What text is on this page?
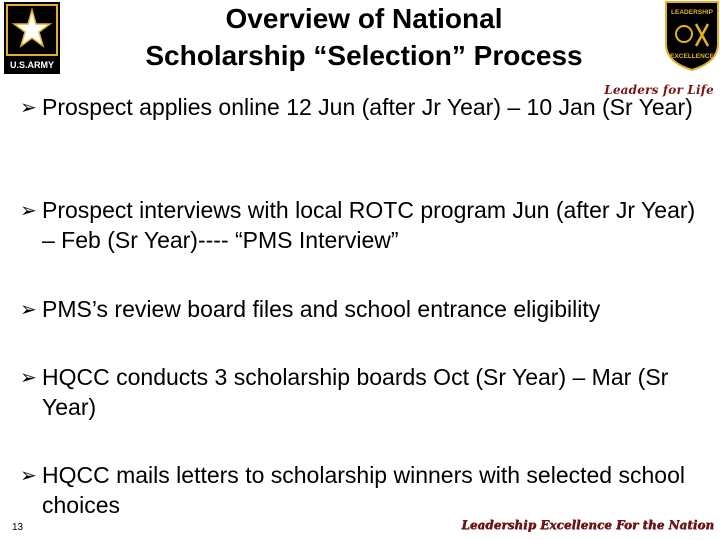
U.S.ARMY
Overview of National
Scholarship “Selection” Process
LEADERSHIP
EXCELLENCE
Leaders for Life
➢ Prospect applies online 12 Jun (after Jr Year) – 10 Jan (Sr Year)
➢ Prospect interviews with local ROTC program Jun (after Jr Year) – Feb (Sr Year)---- “PMS Interview”
➢ PMS’s review board files and school entrance eligibility
➢ HQCC conducts 3 scholarship boards Oct (Sr Year) – Mar (Sr Year)
➢ HQCC mails letters to scholarship winners with selected school choices
13	Leadership Excellence For the Nation
